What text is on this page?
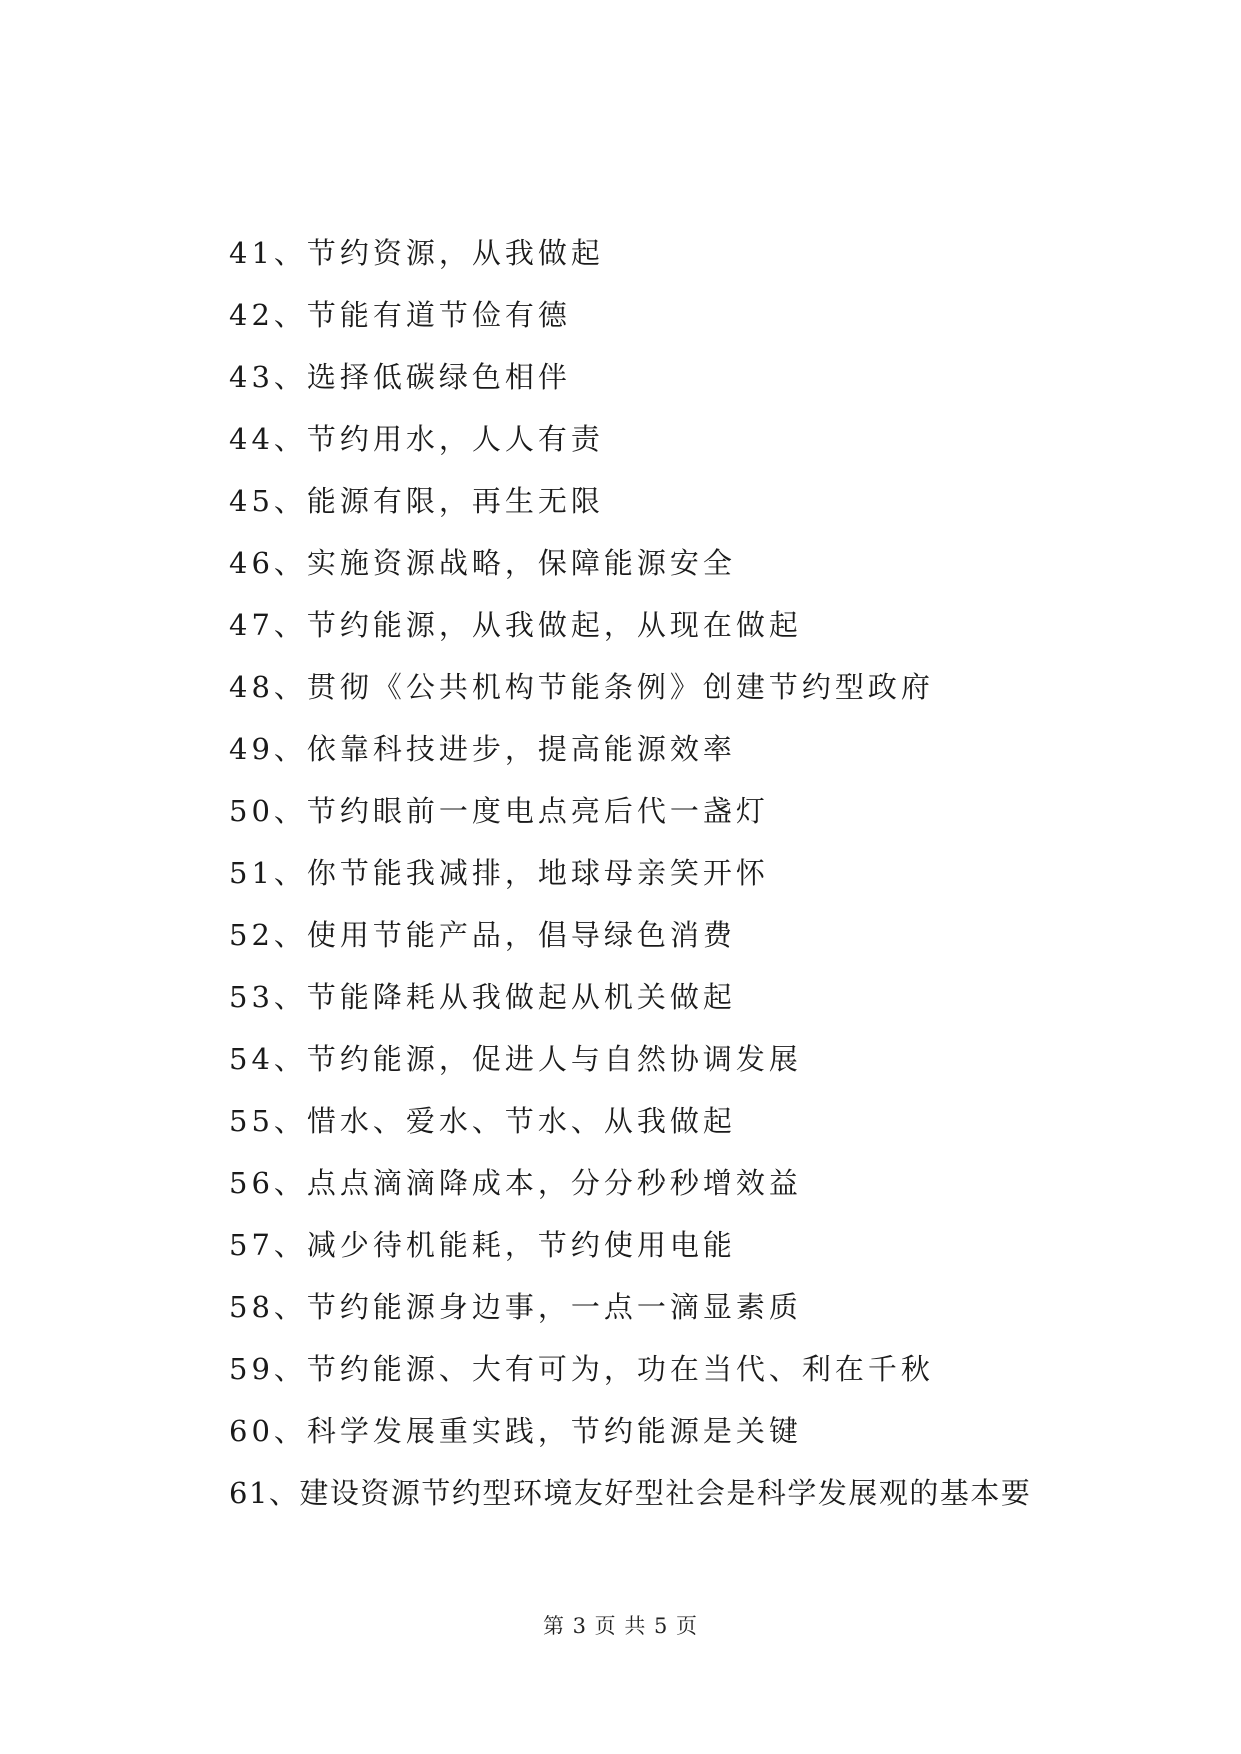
41、节约资源，从我做起
42、节能有道节俭有德
43、选择低碳绿色相伴
44、节约用水，人人有责
45、能源有限，再生无限
46、实施资源战略，保障能源安全
47、节约能源，从我做起，从现在做起
48、贯彻《公共机构节能条例》创建节约型政府
49、依靠科技进步，提高能源效率
50、节约眼前一度电点亮后代一盏灯
51、你节能我减排，地球母亲笑开怀
52、使用节能产品，倡导绿色消费
53、节能降耗从我做起从机关做起
54、节约能源，促进人与自然协调发展
55、惜水、爱水、节水、从我做起
56、点点滴滴降成本，分分秒秒增效益
57、减少待机能耗，节约使用电能
58、节约能源身边事，一点一滴显素质
59、节约能源、大有可为，功在当代、利在千秋
60、科学发展重实践，节约能源是关键
61、建设资源节约型环境友好型社会是科学发展观的基本要
第 3 页 共 5 页
